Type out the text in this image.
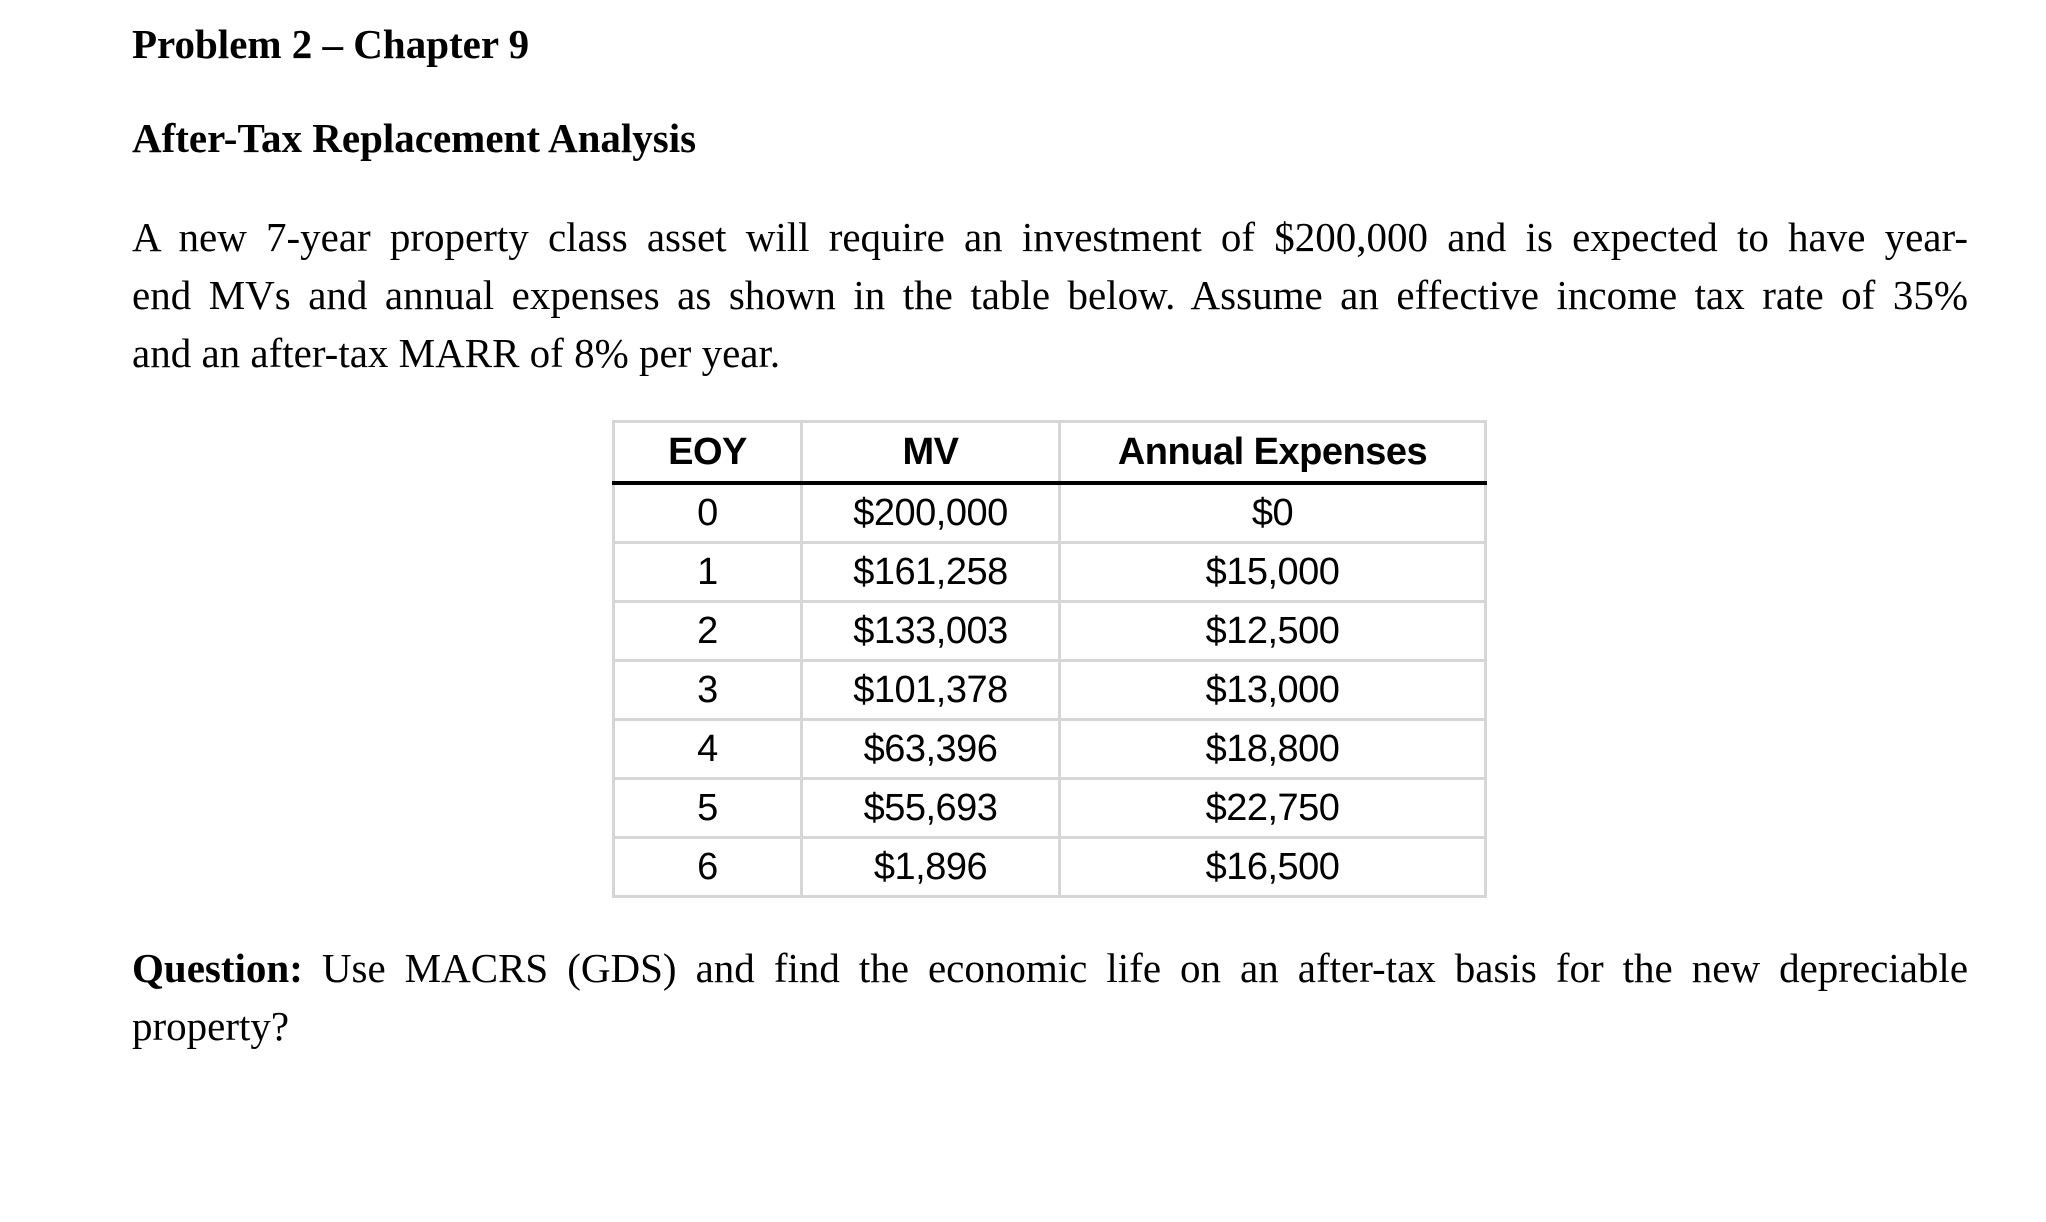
Problem 2 – Chapter 9
After-Tax Replacement Analysis
A new 7-year property class asset will require an investment of $200,000 and is expected to have year-
end MVs and annual expenses as shown in the table below. Assume an effective income tax rate of 35%
and an after-tax MARR of 8% per year.
EOY	MV	Annual Expenses
0	$200,000	$0
1	$161,258	$15,000
2	$133,003	$12,500
3	$101,378	$13,000
4	$63,396	$18,800
5	$55,693	$22,750
6	$1,896	$16,500
Question: Use MACRS (GDS) and find the economic life on an after-tax basis for the new depreciable
property?
